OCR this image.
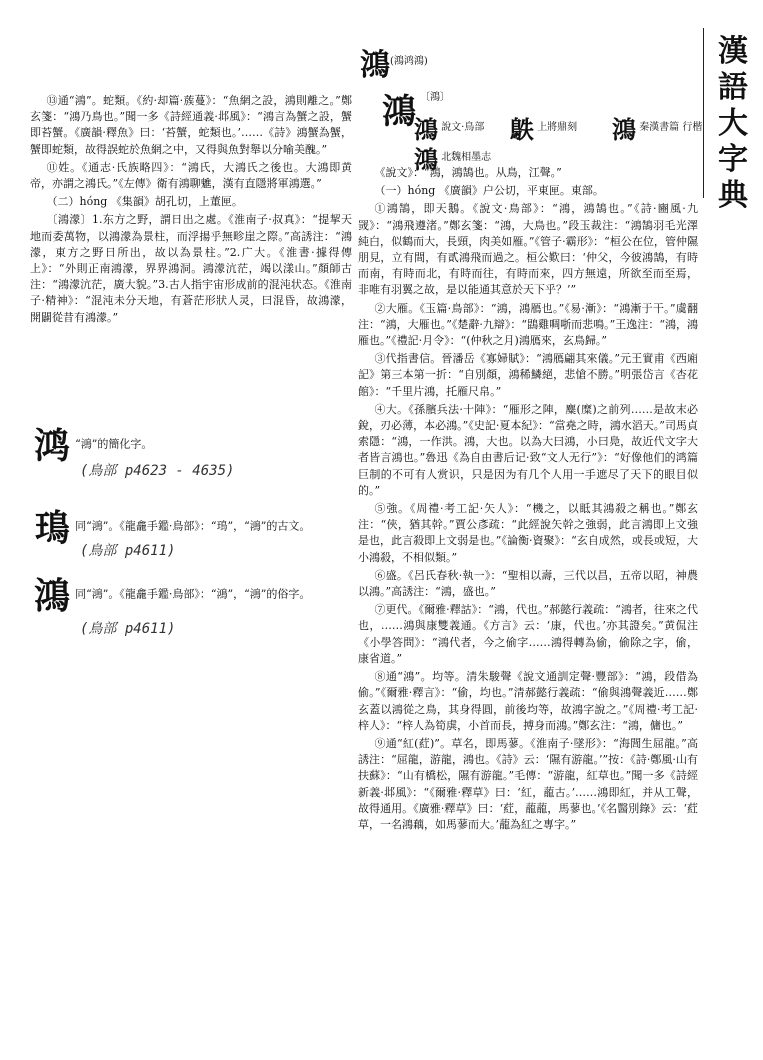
漢
語
大
字
典
鴻$^{(鴻鸿鴻)}$

⑬通“鴻”。蛇類。《約·却篇·蔟蔓》：“魚網之設，鴻則離之。”鄭玄箋：“鴻乃鳥也。”聞一多《詩經通義·邶風》：“鴻言為蟹之設，蟹即苔蟹。《廣韻·釋魚》曰：‘苔蟹，蛇類也。’……《詩》鴻蟹為蟹，蟹即蛇類，故得誤蛇於魚網之中，又得與魚對舉以分喻美醜。”

⑪姓。《通志·氏族略四》：“鴻氏，大鴻氏之後也。大鴻即黄帝，亦謂之鴻氏。”《左傳》衛有鴻聊魋，漢有直隱將軍鴻選。”

（二）hóng 《集韻》胡孔切，上董匣。

〔鴻濛〕1.东方之野，謂日出之處。《淮南子·叔真》：“提挈天地而委萬物，以鴻濛為景柱，而浮揚乎無畛崖之際。”高誘注：“鴻濛，東方之野日所出，故以為景柱。”2.广大。《淮書·據得傳上》：“外則正南鴻濛，界界鴻洞。鴻濛沆茫，竭以漾山。”顏師古注：“鴻濛沆茫，廣大貌。”3.古人指宇宙形成前的混沌状态。《淮南子·精神》：“混沌未分天地，有蒼茫形狀人灵，曰混昏，故鴻濛，開闢從昔有鴻濛。”

鸿 “鴻”的簡化字。
(鳥部 p4623 - 4635)
鳿 同“鴻”。《龍龕手鑑·鳥部》：“鳿”，“鴻”的古文。
(鳥部 p4611)
鴻 同“鴻”。《龍龕手鑑·鳥部》：“鴻”，“鴻”的俗字。
(鳥部 p4611)
鴻 〔鴻〕
鴻 說文·鳥部 䳀 上將鼎刻 鴻 秦漢書篇 行楷
鴻 北魏相墨志

《說文》：“鴻，鴻鵠也。从鳥，江聲。”

（一）hóng 《廣韻》户公切，平東匣。東部。

①鴻鵠，即天鵝。《說文·鳥部》：“鴻，鴻鵠也。”《詩·豳風·九罭》：“鴻飛遵渚。”鄭玄箋：“鴻，大鳥也。”段玉裁注：“鴻鵠羽毛光澤純白，似鶴而大，長頸，肉美如雁。”《管子·霸形》：“桓公在位，管仲隰朋見，立有間，有貳鴻飛而過之。桓公歎曰：‘仲父，今彼鴻鵠，有時而南，有時而北，有時而往，有時而來，四方無遠，所欲至而至焉，非唯有羽翼之故，是以能通其意於天下乎？’”

②大雁。《玉篇·鳥部》：“鴻，鴻鴈也。”《易·漸》：“鴻漸于干。”虞翻注：“鴻，大雁也。”《楚辭·九辯》：“鵾雞啁哳而悲鳴。”王逸注：“鴻，鴻雁也。”《禮記·月令》：“(仲秋之月)鴻鴈來，玄鳥歸。”

③代指書信。晉潘岳《寡婦賦》：“鴻鴈翩其來儀。”元王實甫《西廂記》第三本第一折：“自別顏，鴻稀鱗絕，悲愴不勝。”明張岱言《杏花館》：“千里片鴻，托雁尺帛。”

④大。《孫臏兵法·十陣》：“雁形之陣，麋(糜)之前列……是故末必銳，刃必薄，本必鴻。”《史記·夏本紀》：“當堯之時，鴻水滔天。”司馬貞索隱：“鴻，一作洪。鴻，大也。以為大曰鴻，小曰鳧，故近代文字大者皆言鴻也。”魯迅《為自由書后记·致“文人无行”》：“好像他们的鸿篇巨制的不可有人赏识，只是因为有几个人用一手遮尽了天下的眼目似的。”

⑤強。《周禮·考工記·矢人》：“機之，以眡其鴻殺之稱也。”鄭玄注：“俠，猶其幹。”賈公彥疏：“此經說矢幹之強弱，此言鴻即上文強是也，此言殺即上文弱是也。”《論衡·資聚》：“玄自成然，或長或短，大小鴻殺，不相似類。”

⑥盛。《呂氏春秋·執一》：“聖相以壽，三代以昌，五帝以昭，神農以鴻。”高誘注：“鴻，盛也。”

⑦更代。《爾雅·釋詁》：“鴻，代也。”郝懿行義疏：“鴻者，往來之代也，……鴻與康雙義通。《方言》云：‘康，代也。’亦其證矣。”黄侃注《小學答問》：“鴻代者，今之偷字……鴻得轉為偷，偷除之字，偷，康省道。”

⑧通“鴻”。均等。清朱駿聲《說文通訓定聲·豐部》：“鴻，段借為偷。”《爾雅·釋言》：“偷，均也。”清郝懿行義疏：“偷與鴻聲義近……鄭玄蓋以鴻從之鳥，其身得圓，前後均等，故鴻字說之。”《周禮·考工記·梓人》：“梓人為筍虡，小首而長，搏身而鴻。”鄭玄注：“鴻，傭也。”

⑨通“紅(葒)”。草名，即馬蓼。《淮南子·墜形》：“海閭生屈龍。”高誘注：“屈龍，游龍，鴻也。《詩》云：‘隰有游龍。’”按：《詩·鄭風·山有扶蘇》：“山有橋松，隰有游龍。”毛傳：“游龍，紅草也。”聞一多《詩經新義·邶風》：“《爾雅·釋草》曰：‘紅，蘢古。’……鴻即紅，并从工聲，故得通用。《廣雅·釋草》曰：‘葒，蘢蘢，馬蓼也。’《名醫別錄》云：‘葒草，一名鴻藕，如馬蓼而大。’蘢為紅之專字。”
